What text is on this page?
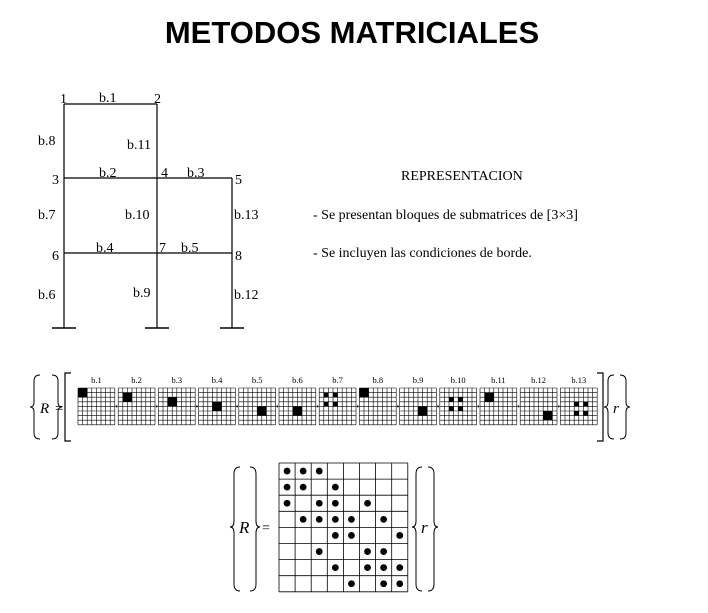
METODOS MATRICIALES
1	2
3	4	5
6
7
8
b.1
b.2	b.3
b.4	b.5
b.6
b.7
b.8
b.9
b.10
b.11
b.12
b.13
REPRESENTACION
- Se presentan bloques de submatrices de [3×3]
- Se incluyen las condiciones de borde.
R =
b.1	b.2	b.3	b.4	b.5	b.6	b.7	b.8	b.9	b.10	b.11	b.12	b.13
r
R =	r
